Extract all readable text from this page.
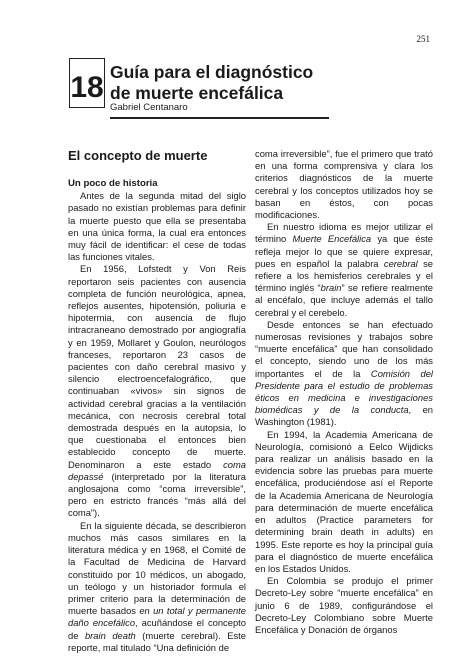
251
18 Guía para el diagnóstico
de muerte encefálica
Gabriel Centanaro
El concepto de muerte
Un poco de historia

Antes de la segunda mitad del siglo pasado no existían problemas para definir la muerte puesto que ella se presentaba en una única forma, la cual era entonces muy fácil de identificar: el cese de todas las funciones vitales.

En 1956, Lofstedt y Von Reis reportaron seis pacientes con ausencia completa de función neurológica, apnea, reflejos ausentes, hipotensión, poliuria e hipotermia, con ausencia de flujo intracraneano demostrado por angiografía y en 1959, Mollaret y Goulon, neurólogos franceses, reportaron 23 casos de pacientes con daño cerebral masivo y silencio electroencefalográfico, que continuaban «vivos» sin signos de actividad cerebral gracias a la ventilación mecánica, con necrosis cerebral total demostrada después en la autopsia, lo que cuestionaba el entonces bien establecido concepto de muerte. Denominaron a este estado coma depassé (interpretado por la literatura anglosajona como “coma irreversible”, pero en estricto francés “más allá del coma”).

En la siguiente década, se describieron muchos más casos similares en la literatura médica y en 1968, el Comité de la Facultad de Medicina de Harvard constituido por 10 médicos, un abogado, un teólogo y un historiador formula el primer criterio para la determinación de muerte basados en un total y permanente daño encefálico, acuñándose el concepto de brain death (muerte cerebral). Este reporte, mal titulado “Una definición de

coma irreversible”, fue el primero que trató en una forma comprensiva y clara los criterios diagnósticos de la muerte cerebral y los conceptos utilizados hoy se basan en éstos, con pocas modificaciones.

En nuestro idioma es mejor utilizar el término Muerte Encefálica ya que éste refleja mejor lo que se quiere expresar, pues en español la palabra cerebral se refiere a los hemisferios cerebrales y el término inglés “brain” se refiere realmente al encéfalo, que incluye además el tallo cerebral y el cerebelo.

Desde entonces se han efectuado numerosas revisiones y trabajos sobre “muerte encefálica” que han consolidado el concepto, siendo uno de los más importantes el de la Comisión del Presidente para el estudio de problemas éticos en medicina e investigaciones biomédicas y de la conducta, en Washington (1981).

En 1994, la Academia Americana de Neurología, comisionó a Eelco Wijdicks para realizar un análisis basado en la evidencia sobre las pruebas para muerte encefálica, produciéndose así el Reporte de la Academia Americana de Neurología para determinación de muerte encefálica en adultos (Practice parameters for determining brain death in adults) en 1995. Este reporte es hoy la principal guía para el diagnóstico de muerte encefálica en los Estados Unidos.

En Colombia se produjo el primer Decreto-Ley sobre “muerte encefálica” en junio 6 de 1989, configurándose el Decreto-Ley Colombiano sobre Muerte Encefálica y Donación de órganos
